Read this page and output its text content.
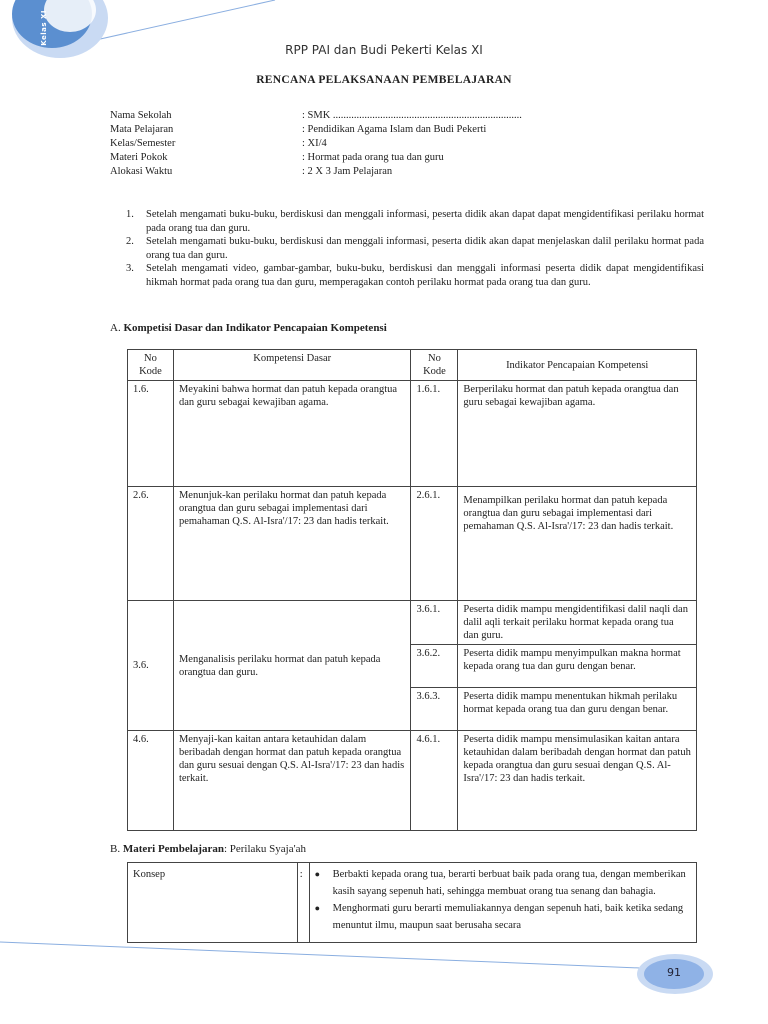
Kelas XI
RPP PAI dan Budi Pekerti Kelas XI
RENCANA PELAKSANAAN PEMBELAJARAN
Nama Sekolah	: SMK ........................................................................
Mata Pelajaran	: Pendidikan Agama Islam dan Budi Pekerti
Kelas/Semester	: XI/4
Materi Pokok	: Hormat pada orang tua dan guru
Alokasi Waktu	: 2 X 3 Jam Pelajaran
1.	Setelah mengamati buku-buku, berdiskusi dan menggali informasi, peserta didik akan dapat dapat mengidentifikasi perilaku hormat pada orang tua dan guru.
2.	Setelah mengamati buku-buku, berdiskusi dan menggali informasi, peserta didik akan dapat menjelaskan dalil perilaku hormat pada orang tua dan guru.
3.	Setelah mengamati video, gambar-gambar, buku-buku, berdiskusi dan menggali informasi peserta didik dapat mengidentifikasi hikmah hormat pada orang tua dan guru, memperagakan contoh perilaku hormat pada orang tua dan guru.
A. Kompetisi Dasar dan Indikator Pencapaian Kompetensi
No Kode	Kompetensi Dasar	No Kode	Indikator Pencapaian Kompetensi
1.6.	Meyakini bahwa hormat dan patuh kepada orangtua dan guru sebagai kewajiban agama.	1.6.1.	Berperilaku hormat dan patuh kepada orangtua dan guru sebagai kewajiban agama.
2.6.	Menunjuk-kan perilaku hormat dan patuh kepada orangtua dan guru sebagai implementasi dari pemahaman Q.S. Al-Isra'/17: 23 dan hadis terkait.	2.6.1.	Menampilkan perilaku hormat dan patuh kepada orangtua dan guru sebagai implementasi dari pemahaman Q.S. Al-Isra'/17: 23 dan hadis terkait.
3.6.	Menganalisis perilaku hormat dan patuh kepada orangtua dan guru.	3.6.1.	Peserta didik mampu mengidentifikasi dalil naqli dan dalil aqli terkait perilaku hormat kepada orang tua dan guru.
		3.6.2.	Peserta didik mampu menyimpulkan makna hormat kepada orang tua dan guru dengan benar.
		3.6.3.	Peserta didik mampu menentukan hikmah perilaku hormat kepada orang tua dan guru dengan benar.
4.6.	Menyaji-kan kaitan antara ketauhidan dalam beribadah dengan hormat dan patuh kepada orangtua dan guru sesuai dengan Q.S. Al-Isra'/17: 23 dan hadis terkait.	4.6.1.	Peserta didik mampu mensimulasikan kaitan antara ketauhidan dalam beribadah dengan hormat dan patuh kepada orangtua dan guru sesuai dengan Q.S. Al-Isra'/17: 23 dan hadis terkait.
B. Materi Pembelajaran: Perilaku Syaja'ah
Konsep	:	●	Berbakti kepada orang tua, berarti berbuat baik pada orang tua, dengan memberikan kasih sayang sepenuh hati, sehingga membuat orang tua senang dan bahagia.
●	Menghormati guru berarti memuliakannya dengan sepenuh hati, baik ketika sedang menuntut ilmu, maupun saat berusaha secara
91
